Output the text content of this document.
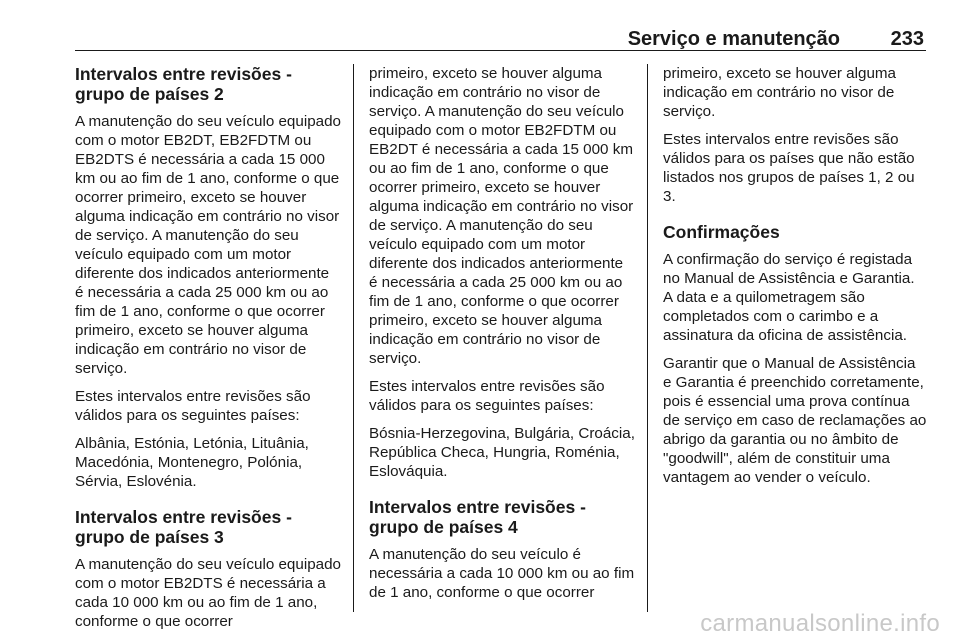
Serviço e manutenção	233
Intervalos entre revisões - grupo de países 2

A manutenção do seu veículo equipado com o motor EB2DT, EB2FDTM ou EB2DTS é necessária a cada 15 000 km ou ao fim de 1 ano, conforme o que ocorrer primeiro, exceto se houver alguma indicação em contrário no visor de serviço. A manutenção do seu veículo equipado com um motor diferente dos indicados anteriormente é necessária a cada 25 000 km ou ao fim de 1 ano, conforme o que ocorrer primeiro, exceto se houver alguma indicação em contrário no visor de serviço.

Estes intervalos entre revisões são válidos para os seguintes países:

Albânia, Estónia, Letónia, Lituânia, Macedónia, Montenegro, Polónia, Sérvia, Eslovénia.

Intervalos entre revisões - grupo de países 3

A manutenção do seu veículo equipado com o motor EB2DTS é necessária a cada 10 000 km ou ao fim de 1 ano, conforme o que ocorrer

primeiro, exceto se houver alguma indicação em contrário no visor de serviço. A manutenção do seu veículo equipado com o motor EB2FDTM ou EB2DT é necessária a cada 15 000 km ou ao fim de 1 ano, conforme o que ocorrer primeiro, exceto se houver alguma indicação em contrário no visor de serviço. A manutenção do seu veículo equipado com um motor diferente dos indicados anteriormente é necessária a cada 25 000 km ou ao fim de 1 ano, conforme o que ocorrer primeiro, exceto se houver alguma indicação em contrário no visor de serviço.

Estes intervalos entre revisões são válidos para os seguintes países:

Bósnia-Herzegovina, Bulgária, Croácia, República Checa, Hungria, Roménia, Eslováquia.

Intervalos entre revisões - grupo de países 4

A manutenção do seu veículo é necessária a cada 10 000 km ou ao fim de 1 ano, conforme o que ocorrer

primeiro, exceto se houver alguma indicação em contrário no visor de serviço.

Estes intervalos entre revisões são válidos para os países que não estão listados nos grupos de países 1, 2 ou 3.

Confirmações

A confirmação do serviço é registada no Manual de Assistência e Garantia. A data e a quilometragem são completados com o carimbo e a assinatura da oficina de assistência.

Garantir que o Manual de Assistência e Garantia é preenchido corretamente, pois é essencial uma prova contínua de serviço em caso de reclamações ao abrigo da garantia ou no âmbito de "goodwill", além de constituir uma vantagem ao vender o veículo.

carmanualsonline.info
